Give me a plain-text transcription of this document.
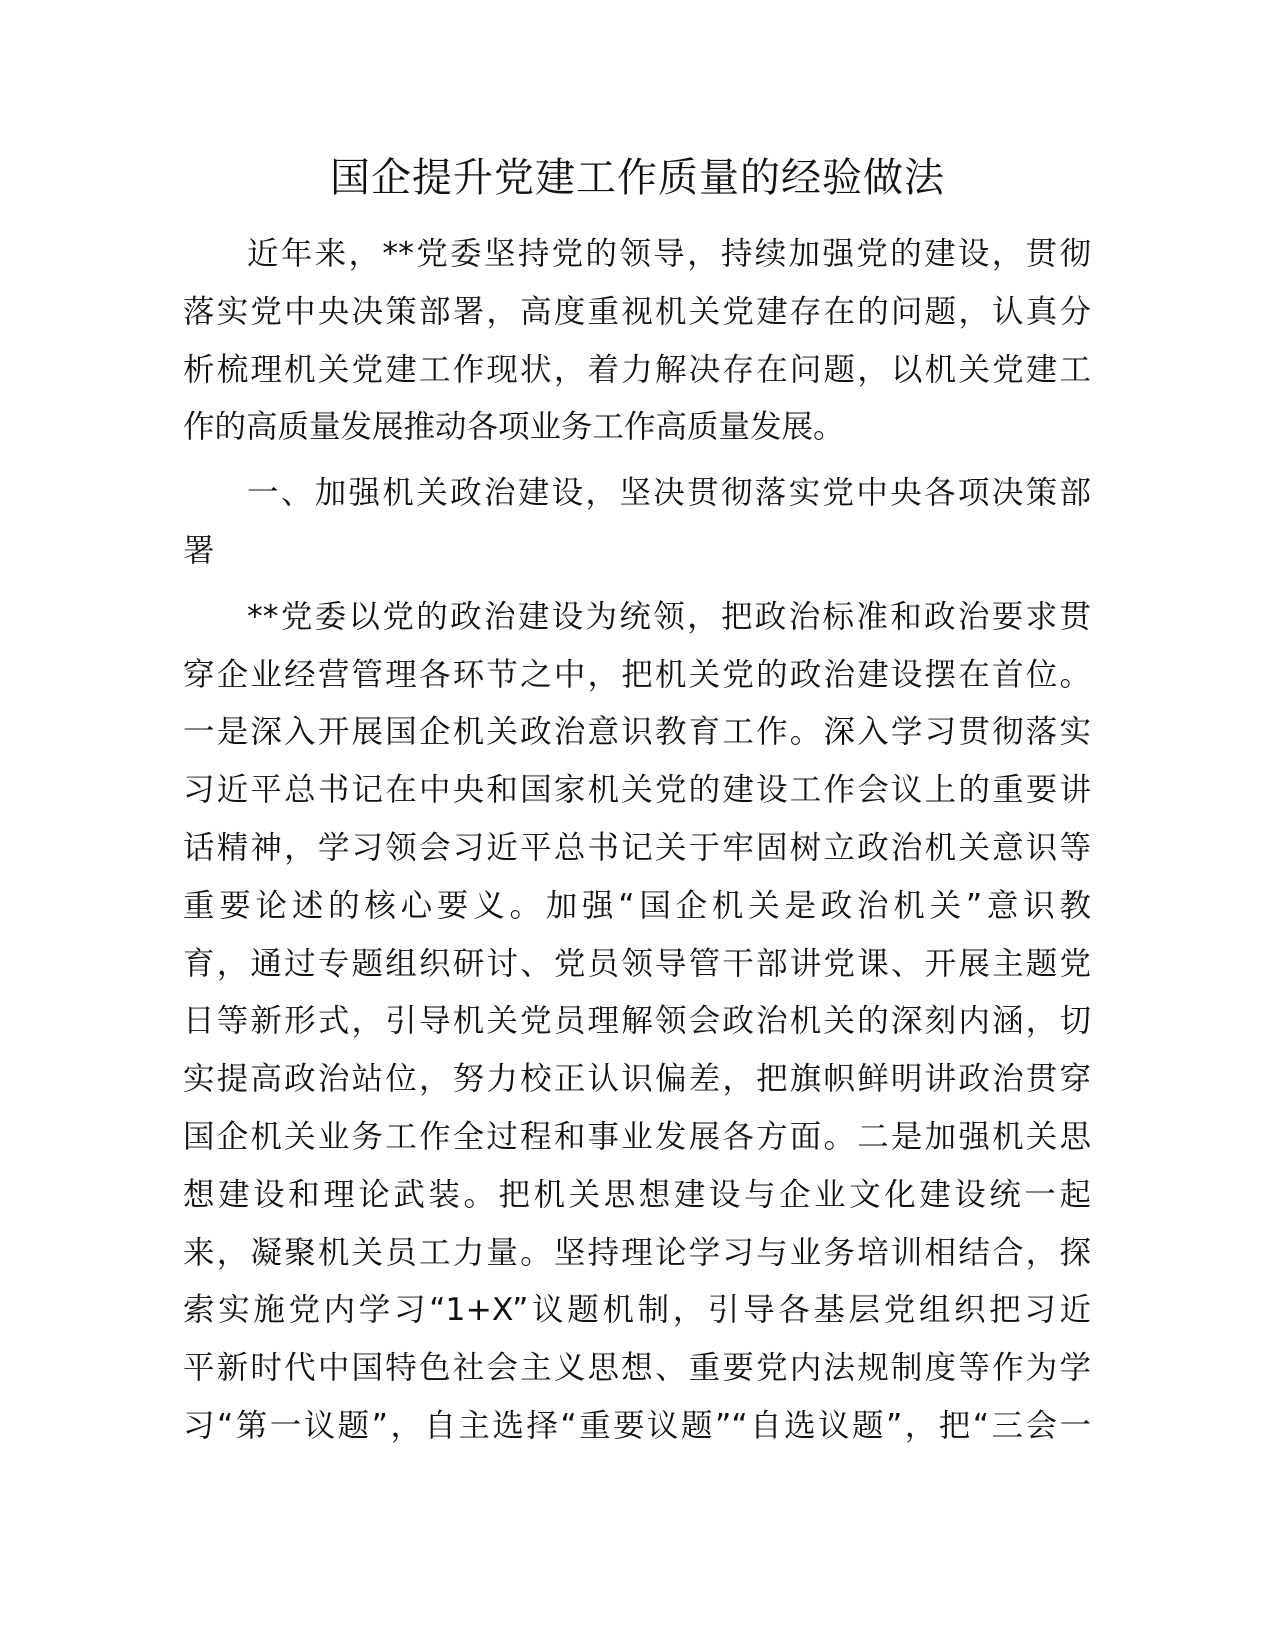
国企提升党建工作质量的经验做法
近年来，**党委坚持党的领导，持续加强党的建设，贯彻
落实党中央决策部署，高度重视机关党建存在的问题，认真分
析梳理机关党建工作现状，着力解决存在问题，以机关党建工
作的高质量发展推动各项业务工作高质量发展。
一、加强机关政治建设，坚决贯彻落实党中央各项决策部
署
**党委以党的政治建设为统领，把政治标准和政治要求贯
穿企业经营管理各环节之中，把机关党的政治建设摆在首位。
一是深入开展国企机关政治意识教育工作。深入学习贯彻落实
习近平总书记在中央和国家机关党的建设工作会议上的重要讲
话精神，学习领会习近平总书记关于牢固树立政治机关意识等
重要论述的核心要义。加强“国企机关是政治机关”意识教
育，通过专题组织研讨、党员领导管干部讲党课、开展主题党
日等新形式，引导机关党员理解领会政治机关的深刻内涵，切
实提高政治站位，努力校正认识偏差，把旗帜鲜明讲政治贯穿
国企机关业务工作全过程和事业发展各方面。二是加强机关思
想建设和理论武装。把机关思想建设与企业文化建设统一起
来，凝聚机关员工力量。坚持理论学习与业务培训相结合，探
索实施党内学习“1+X”议题机制，引导各基层党组织把习近
平新时代中国特色社会主义思想、重要党内法规制度等作为学
习“第一议题”，自主选择“重要议题”“自选议题”，把“三会一
